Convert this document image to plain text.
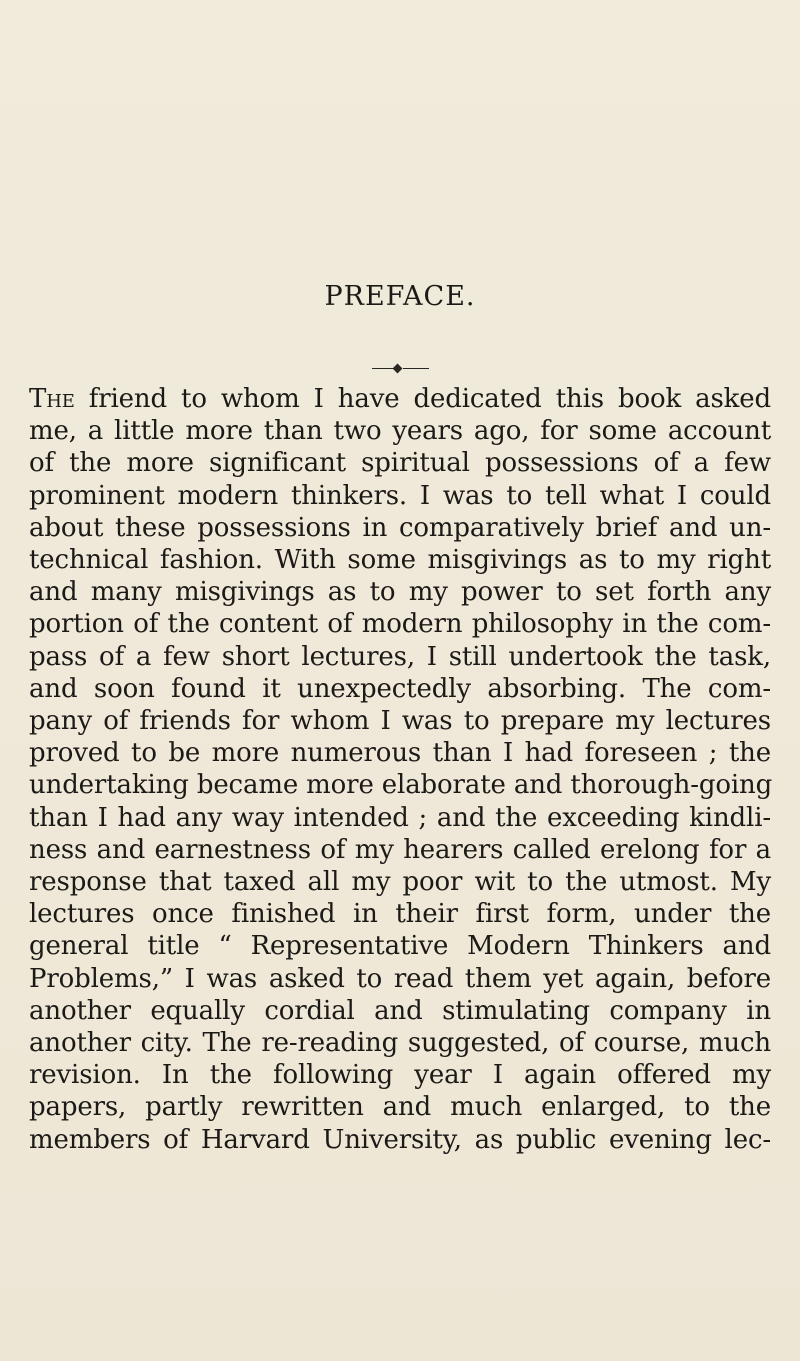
PREFACE.
The friend to whom I have dedicated this book asked
me, a little more than two years ago, for some account
of the more significant spiritual possessions of a few
prominent modern thinkers. I was to tell what I could
about these possessions in comparatively brief and un-
technical fashion. With some misgivings as to my right
and many misgivings as to my power to set forth any
portion of the content of modern philosophy in the com-
pass of a few short lectures, I still undertook the task,
and soon found it unexpectedly absorbing. The com-
pany of friends for whom I was to prepare my lectures
proved to be more numerous than I had foreseen ; the
undertaking became more elaborate and thorough-going
than I had any way intended ; and the exceeding kindli-
ness and earnestness of my hearers called erelong for a
response that taxed all my poor wit to the utmost. My
lectures once finished in their first form, under the
general title “ Representative Modern Thinkers and
Problems,” I was asked to read them yet again, before
another equally cordial and stimulating company in
another city. The re-reading suggested, of course, much
revision. In the following year I again offered my
papers, partly rewritten and much enlarged, to the
members of Harvard University, as public evening lec-
